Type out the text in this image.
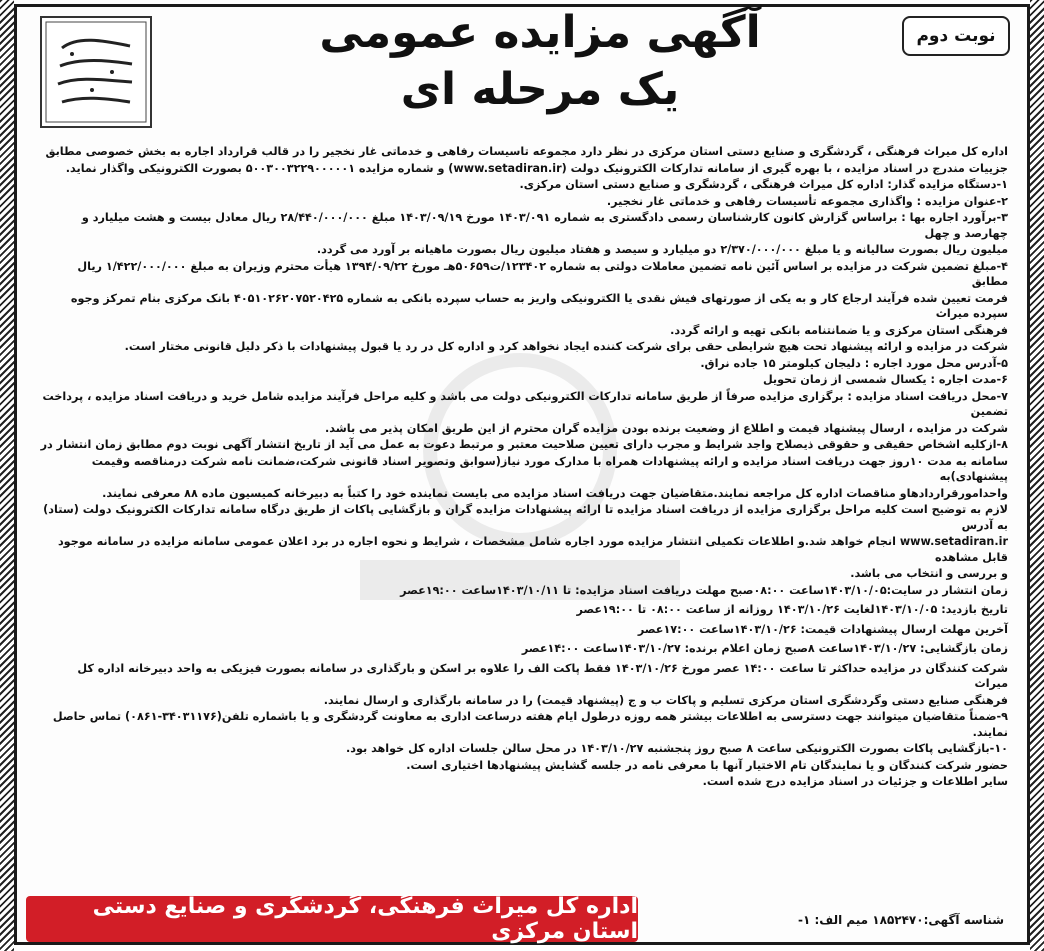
نوبت دوم
آگهی مزایده عمومی
یک مرحله ای

اداره کل میراث فرهنگی ، گردشگری و صنایع دستی استان مرکزی در نظر دارد مجموعه تاسیسات رفاهی و خدماتی غار نخجیر را در قالب قرارداد اجاره به بخش خصوصی مطابق

جزییات مندرج در اسناد مزایده ، با بهره گیری از سامانه تدارکات الکترونیک دولت (www.setadiran.ir) و شماره مزایده ۵۰۰۳۰۰۳۲۲۹۰۰۰۰۰۱ بصورت الکترونیکی واگذار نماید.

۱-دستگاه مزایده گذار: اداره کل میراث فرهنگی ، گردشگری و صنایع دستی استان مرکزی.

۲-عنوان مزایده : واگذاری مجموعه تأسیسات رفاهی و خدماتی غار نخجیر.

۳-برآورد اجاره بها : براساس گزارش کانون کارشناسان رسمی دادگستری به شماره ۱۴۰۳/۰۹۱ مورخ ۱۴۰۳/۰۹/۱۹ مبلغ ۲۸/۴۴۰/۰۰۰/۰۰۰ ریال معادل بیست و هشت میلیارد و چهارصد و چهل

میلیون ریال بصورت سالیانه و یا مبلغ ۲/۳۷۰/۰۰۰/۰۰۰ دو میلیارد و سیصد و هفتاد میلیون ریال بصورت ماهیانه بر آورد می گردد.

۴-مبلغ تضمین شرکت در مزایده بر اساس آئین نامه تضمین معاملات دولتی به شماره ۱۲۳۴۰۲/ت۵۰۶۵۹هـ مورخ ۱۳۹۴/۰۹/۲۲ هیأت محترم وزیران به مبلغ ۱/۴۲۲/۰۰۰/۰۰۰ ریال مطابق

فرمت تعیین شده فرآیند ارجاع کار و به یکی از صورتهای فیش نقدی یا الکترونیکی واریز به حساب سپرده بانکی به شماره ۴۰۵۱۰۲۶۲۰۷۵۲۰۴۲۵ بانک مرکزی بنام تمرکز وجوه سپرده میراث

فرهنگی استان مرکزی و یا ضمانتنامه بانکی تهیه و ارائه گردد.

شرکت در مزایده و ارائه پیشنهاد تحت هیچ شرایطی حقی برای شرکت کننده ایجاد نخواهد کرد و اداره کل در رد یا قبول پیشنهادات با ذکر دلیل قانونی مختار است.

۵-آدرس محل مورد اجاره : دلیجان کیلومتر ۱۵ جاده نراق.

۶-مدت اجاره : یکسال شمسی از زمان تحویل

۷-محل دریافت اسناد مزایده : برگزاری مزایده صرفاً از طریق سامانه تدارکات الکترونیکی دولت می باشد و کلیه مراحل فرآیند مزایده شامل خرید و دریافت اسناد مزایده ، پرداخت تضمین

شرکت در مزایده ، ارسال پیشنهاد قیمت و اطلاع از وضعیت برنده بودن مزایده گران محترم از این طریق امکان پذیر می باشد.

۸-ازکلیه اشخاص حقیقی و حقوقی ذیصلاح واجد شرایط و مجرب دارای تعیین صلاحیت معتبر و مرتبط دعوت به عمل می آید از تاریخ انتشار آگهی نوبت دوم مطابق زمان انتشار در

سامانه به مدت ۱۰روز جهت دریافت اسناد مزایده و ارائه پیشنهادات همراه با مدارک مورد نیاز(سوابق وتصویر اسناد قانونی شرکت،ضمانت نامه شرکت درمناقصه وقیمت پیشنهادی)به

واحدامورقراردادهاو مناقصات اداره کل مراجعه نمایند.متقاضیان جهت دریافت اسناد مزایده می بایست نماینده خود را کتباً به دبیرخانه کمیسیون ماده ۸۸ معرفی نمایند.

لازم به توضیح است کلیه مراحل برگزاری مزایده از دریافت اسناد مزایده تا ارائه پیشنهادات مزایده گران و بازگشایی پاکات از طریق درگاه سامانه تدارکات الکترونیک دولت (ستاد) به آدرس

www.setadiran.ir انجام خواهد شد.و اطلاعات تکمیلی انتشار مزایده مورد اجاره شامل مشخصات ، شرایط و نحوه اجاره در برد اعلان عمومی سامانه مزایده در سامانه موجود قابل مشاهده

و بررسی و انتخاب می باشد.

زمان انتشار در سایت:۱۴۰۳/۱۰/۰۵ساعت ۰۸:۰۰صبح مهلت دریافت اسناد مزایده: تا ۱۴۰۳/۱۰/۱۱ساعت ۱۹:۰۰عصر

تاریخ بازدید: ۱۴۰۳/۱۰/۰۵لغایت ۱۴۰۳/۱۰/۲۶ روزانه از ساعت ۰۸:۰۰ تا ۱۹:۰۰عصر

آخرین مهلت ارسال پیشنهادات قیمت: ۱۴۰۳/۱۰/۲۶ساعت ۱۷:۰۰عصر

زمان بازگشایی: ۱۴۰۳/۱۰/۲۷ساعت ۸صبح زمان اعلام برنده: ۱۴۰۳/۱۰/۲۷ساعت ۱۴:۰۰عصر

شرکت کنندگان در مزایده حداکثر تا ساعت ۱۴:۰۰ عصر مورخ ۱۴۰۳/۱۰/۲۶ فقط پاکت الف را علاوه بر اسکن و بارگذاری در سامانه بصورت فیزیکی به واحد دبیرخانه اداره کل میراث

فرهنگی صنایع دستی وگردشگری استان مرکزی تسلیم و پاکات ب و ج (پیشنهاد قیمت) را در سامانه بارگذاری و ارسال نمایند.

۹-ضمناً متقاضیان میتوانند جهت دسترسی به اطلاعات بیشتر همه روزه درطول ایام هفته درساعت اداری به معاونت گردشگری و یا باشماره تلفن(۳۴۰۳۱۱۷۶-۰۸۶۱) تماس حاصل نمایند.

۱۰-بازگشایی پاکات بصورت الکترونیکی ساعت ۸ صبح روز پنجشنبه ۱۴۰۳/۱۰/۲۷ در محل سالن جلسات اداره کل خواهد بود.

حضور شرکت کنندگان و یا نمایندگان تام الاختیار آنها با معرفی نامه در جلسه گشایش پیشنهادها اختیاری است.

سایر اطلاعات و جزئیات در اسناد مزایده درج شده است.

شناسه آگهی:۱۸۵۲۴۷۰ میم الف: ۱-
اداره کل میراث فرهنگی، گردشگری و صنایع دستی استان مرکزی
